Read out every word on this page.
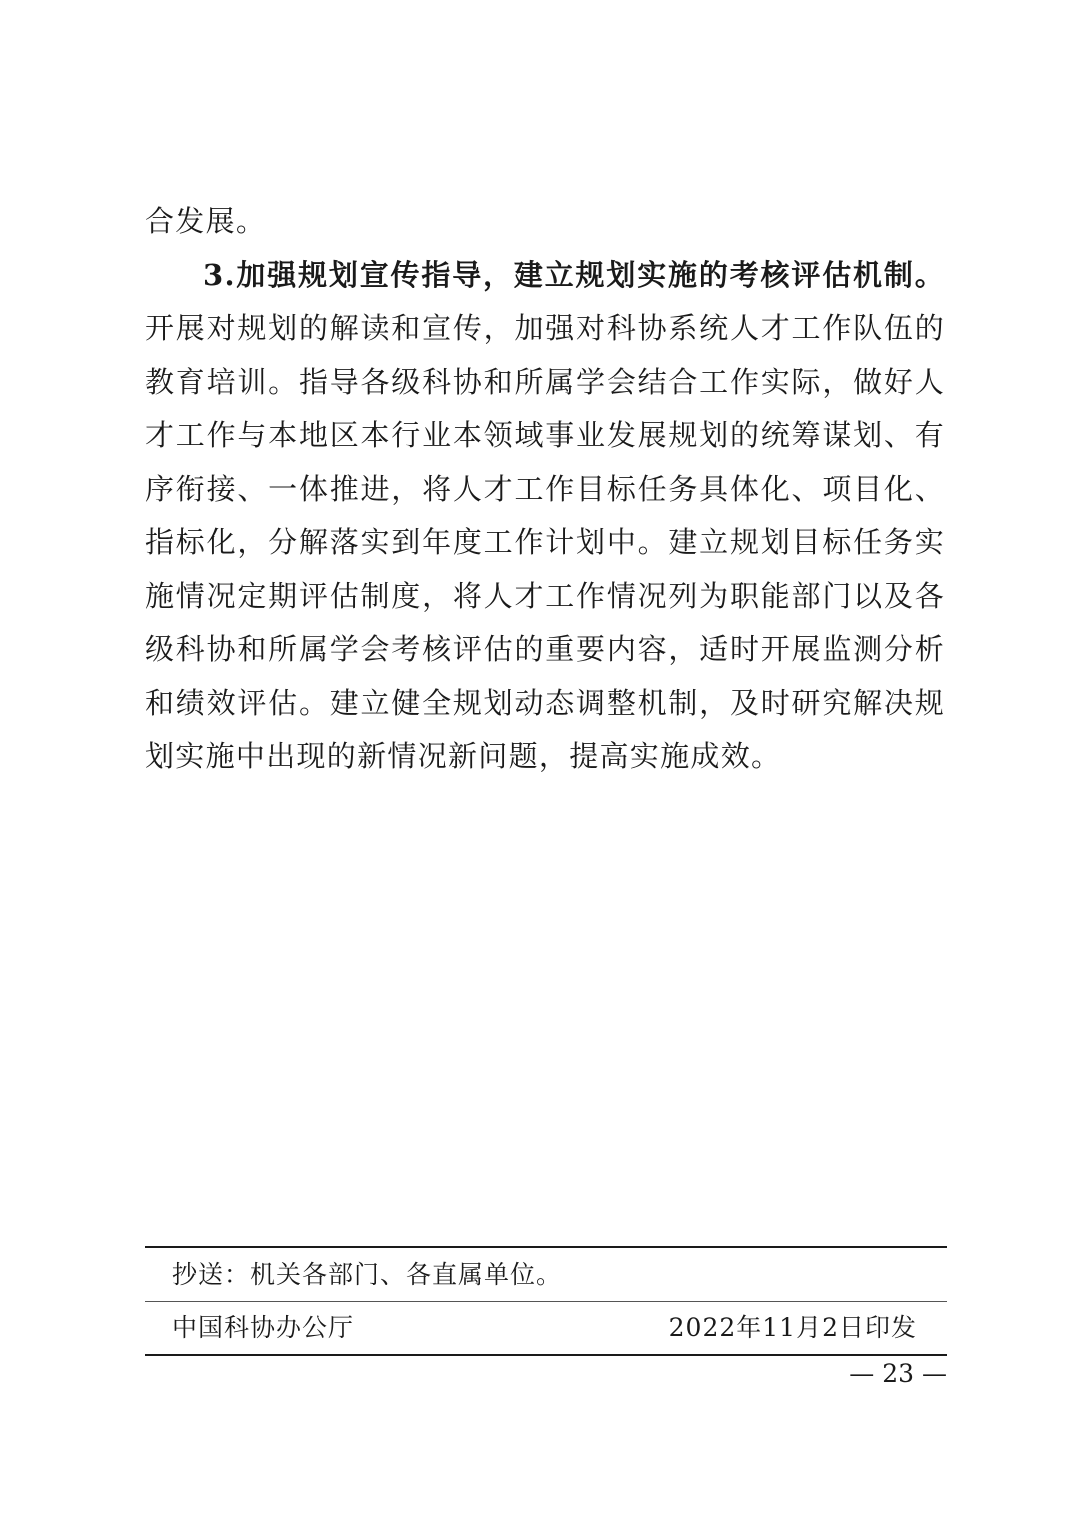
合发展。

3.加强规划宣传指导，建立规划实施的考核评估机制。开展对规划的解读和宣传，加强对科协系统人才工作队伍的教育培训。指导各级科协和所属学会结合工作实际，做好人才工作与本地区本行业本领域事业发展规划的统筹谋划、有序衔接、一体推进，将人才工作目标任务具体化、项目化、指标化，分解落实到年度工作计划中。建立规划目标任务实施情况定期评估制度，将人才工作情况列为职能部门以及各级科协和所属学会考核评估的重要内容，适时开展监测分析和绩效评估。建立健全规划动态调整机制，及时研究解决规划实施中出现的新情况新问题，提高实施成效。

抄送：机关各部门、各直属单位。
中国科协办公厅	2022年11月2日印发
— 23 —
